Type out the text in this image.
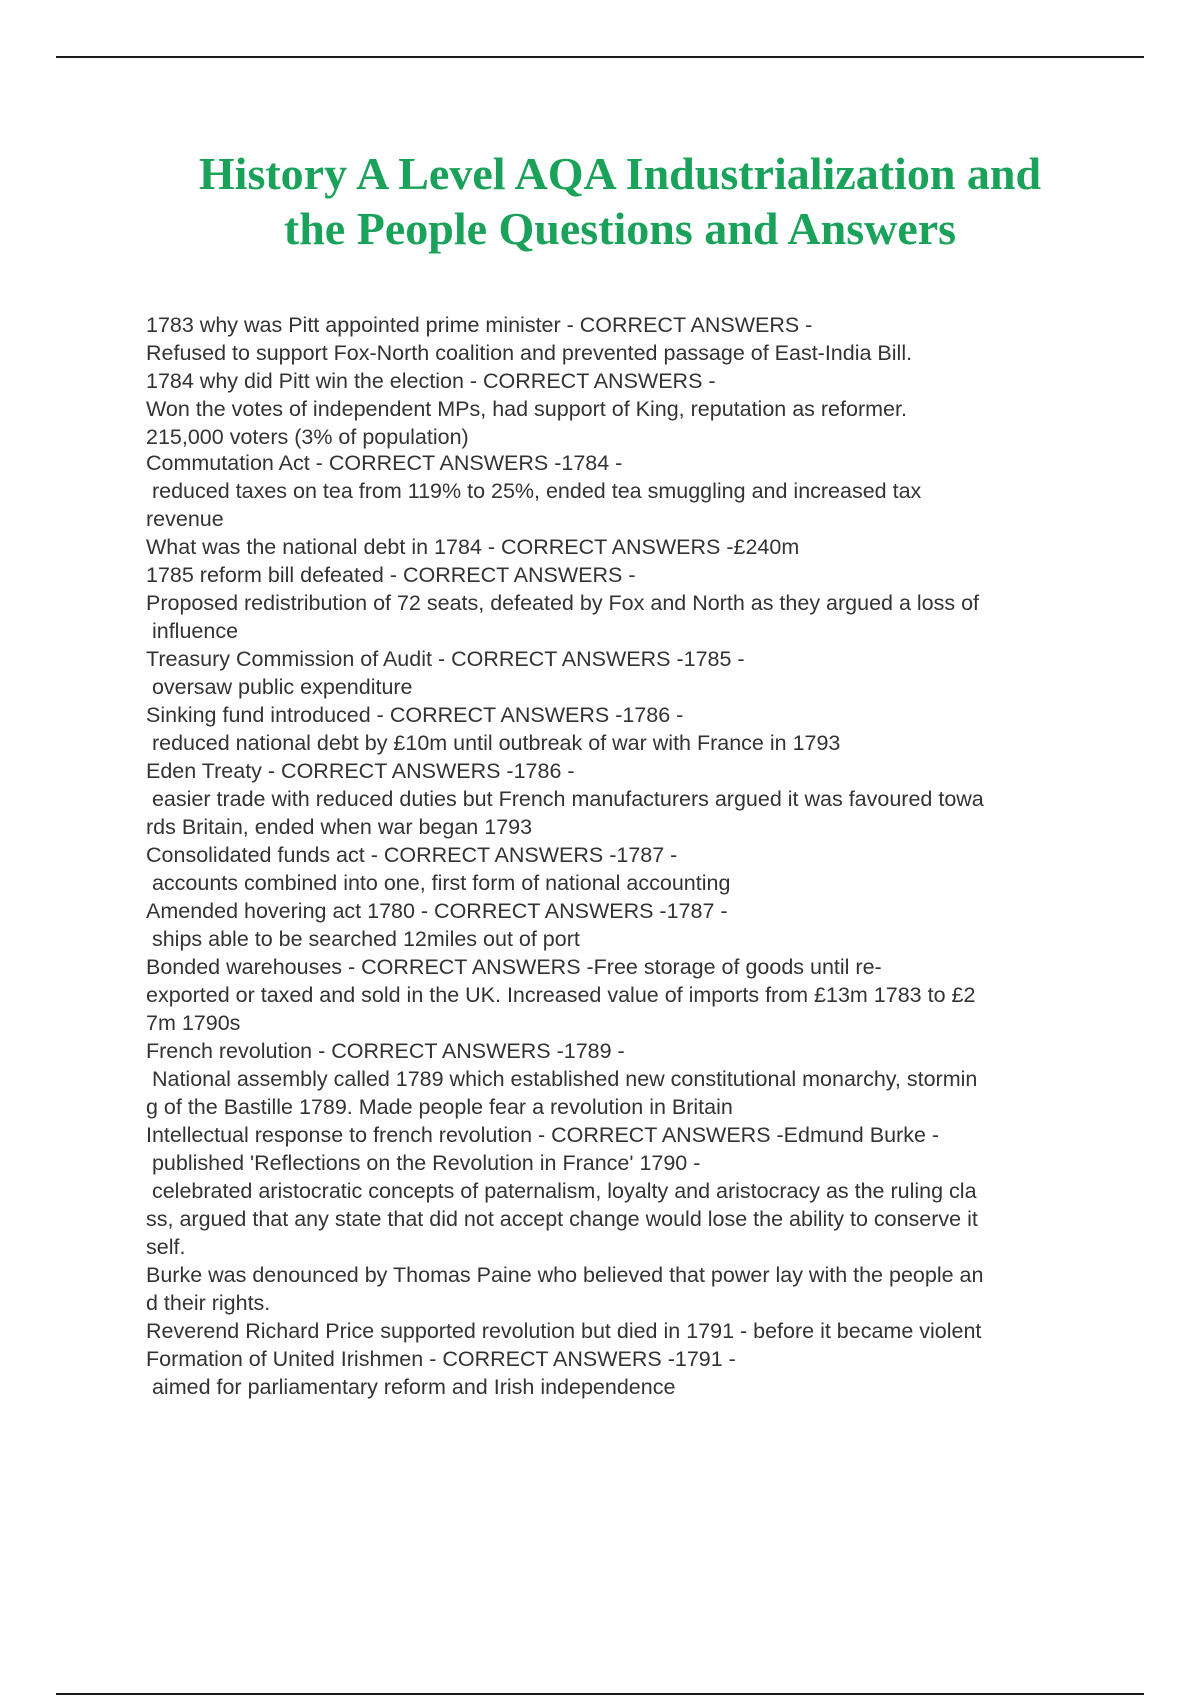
History A Level AQA Industrialization and
the People Questions and Answers
1783 why was Pitt appointed prime minister - CORRECT ANSWERS -
Refused to support Fox-North coalition and prevented passage of East-India Bill.
1784 why did Pitt win the election - CORRECT ANSWERS -
Won the votes of independent MPs, had support of King, reputation as reformer.
215,000 voters (3% of population)
Commutation Act - CORRECT ANSWERS -1784 -
reduced taxes on tea from 119% to 25%, ended tea smuggling and increased tax
revenue
What was the national debt in 1784 - CORRECT ANSWERS -£240m
1785 reform bill defeated - CORRECT ANSWERS -
Proposed redistribution of 72 seats, defeated by Fox and North as they argued a loss of
influence
Treasury Commission of Audit - CORRECT ANSWERS -1785 -
oversaw public expenditure
Sinking fund introduced - CORRECT ANSWERS -1786 -
reduced national debt by £10m until outbreak of war with France in 1793
Eden Treaty - CORRECT ANSWERS -1786 -
easier trade with reduced duties but French manufacturers argued it was favoured towa
rds Britain, ended when war began 1793
Consolidated funds act - CORRECT ANSWERS -1787 -
accounts combined into one, first form of national accounting
Amended hovering act 1780 - CORRECT ANSWERS -1787 -
ships able to be searched 12miles out of port
Bonded warehouses - CORRECT ANSWERS -Free storage of goods until re-
exported or taxed and sold in the UK. Increased value of imports from £13m 1783 to £2
7m 1790s
French revolution - CORRECT ANSWERS -1789 -
National assembly called 1789 which established new constitutional monarchy, stormin
g of the Bastille 1789. Made people fear a revolution in Britain
Intellectual response to french revolution - CORRECT ANSWERS -Edmund Burke -
published 'Reflections on the Revolution in France' 1790 -
celebrated aristocratic concepts of paternalism, loyalty and aristocracy as the ruling cla
ss, argued that any state that did not accept change would lose the ability to conserve it
self.
Burke was denounced by Thomas Paine who believed that power lay with the people an
d their rights.
Reverend Richard Price supported revolution but died in 1791 - before it became violent
Formation of United Irishmen - CORRECT ANSWERS -1791 -
aimed for parliamentary reform and Irish independence
